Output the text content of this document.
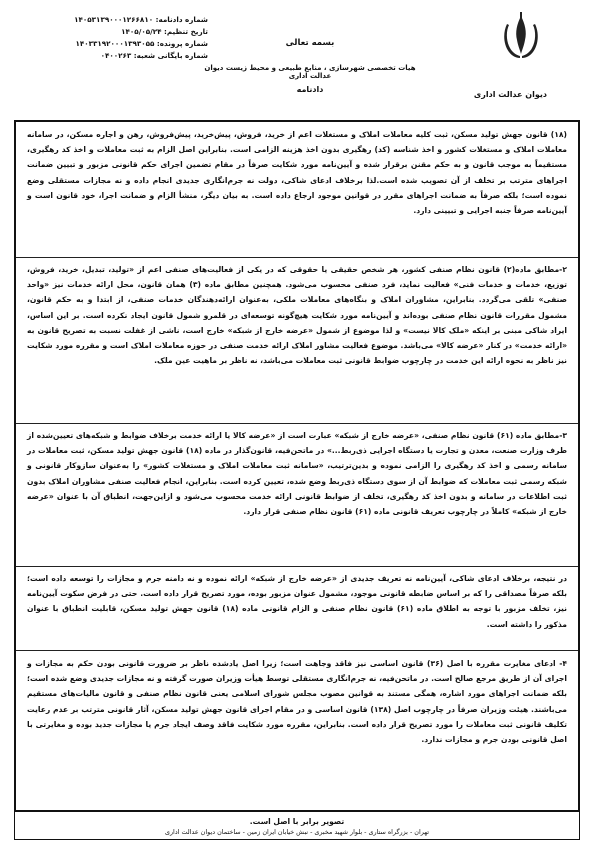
شماره دادنامه: ۱۴۰۵۳۱۳۹۰۰۰۱۲۶۶۸۱۰
تاریخ تنظیم: ۱۴۰۵/۰۵/۲۴
شماره پرونده: ۱۴۰۳۳۱۹۲۰۰۰۱۳۹۳۰۵۵
شماره بایگانی شعبه: ۰۴۰۰۲۶۳
بسمه تعالی
هیات تخصصی شهرسازی ، منابع طبیعی و محیط زیست دیوان عدالت اداری
دادنامه
دیوان عدالت اداری
(۱۸) قانون جهش تولید مسکن، ثبت کلیه معاملات املاک و مستغلات اعم از خرید، فروش، پیش‌خرید، پیش‌فروش، رهن و اجاره مسکن، در سامانه معاملات املاک و مستغلات کشور و اخذ شناسه (کد) رهگیری بدون اخذ هزینه الزامی است. بنابراین اصل الزام به ثبت معاملات و اخذ کد رهگیری، مستقیماً به موجب قانون و به حکم مقنن برقرار شده و آیین‌نامه مورد شکایت صرفاً در مقام تضمین اجرای حکم قانونی مزبور و تبیین ضمانت اجراهای مترتب بر تخلف از آن تصویب شده است.لذا برخلاف ادعای شاکی، دولت نه جرم‌انگاری جدیدی انجام داده و نه مجازات مستقلی وضع نموده است؛ بلکه صرفاً به ضمانت اجراهای مقرر در قوانین موجود ارجاع داده است. به بیان دیگر، منشأ الزام و ضمانت اجرا، خود قانون است و آیین‌نامه صرفاً جنبه اجرایی و تبیینی دارد.
۲-مطابق ماده(۲) قانون نظام صنفی کشور، هر شخص حقیقی یا حقوقی که در یکی از فعالیت‌های صنفی اعم از «تولید، تبدیل، خرید، فروش، توزیع، خدمات و خدمات فنی» فعالیت نماید، فرد صنفی محسوب می‌شود. همچنین مطابق ماده (۳) همان قانون، محل ارائه خدمات نیز «واحد صنفی» تلقی می‌گردد. بنابراین، مشاوران املاک و بنگاه‌های معاملات ملکی، به‌عنوان ارائه‌دهندگان خدمات صنفی، از ابتدا و به حکم قانون، مشمول مقررات قانون نظام صنفی بوده‌اند و آیین‌نامه مورد شکایت هیچ‌گونه توسعه‌ای در قلمرو شمول قانون ایجاد نکرده است. بر این اساس، ایراد شاکی مبنی بر اینکه «ملک کالا نیست» و لذا موضوع از شمول «عرضه خارج از شبکه» خارج است، ناشی از غفلت نسبت به تصریح قانون به «ارائه خدمت» در کنار «عرضه کالا» می‌باشد. موضوع فعالیت مشاور املاک ارائه خدمت صنفی در حوزه معاملات املاک است و مقرره مورد شکایت نیز ناظر به نحوه ارائه این خدمت در چارچوب ضوابط قانونی ثبت معاملات می‌باشد، نه ناظر بر ماهیت عین ملک.
۳-مطابق ماده (۶۱) قانون نظام صنفی، «عرضه خارج از شبکه» عبارت است از «عرضه کالا یا ارائه خدمت برخلاف ضوابط و شبکه‌های تعیین‌شده از طرف وزارت صنعت، معدن و تجارت یا دستگاه اجرایی ذی‌ربط...» در ماتحن‌فیه، قانون‌گذار در ماده (۱۸) قانون جهش تولید مسکن، ثبت معاملات در سامانه رسمی و اخذ کد رهگیری را الزامی نموده و بدین‌ترتیب، «سامانه ثبت معاملات املاک و مستغلات کشور» را به‌عنوان سازوکار قانونی و شبکه رسمی ثبت معاملات که ضوابط آن از سوی دستگاه ذی‌ربط وضع شده، تعیین کرده است. بنابراین، انجام فعالیت صنفی مشاوران املاک بدون ثبت اطلاعات در سامانه و بدون اخذ کد رهگیری، تخلف از ضوابط قانونی ارائه خدمت محسوب می‌شود و ازاین‌جهت، انطباق آن با عنوان «عرضه خارج از شبکه» کاملاً در چارچوب تعریف قانونی ماده (۶۱) قانون نظام صنفی قرار دارد.
در نتیجه، برخلاف ادعای شاکی، آیین‌نامه نه تعریف جدیدی از «عرضه خارج از شبکه» ارائه نموده و نه دامنه جرم و مجازات را توسعه داده است؛ بلکه صرفاً مصداقی را که بر اساس ضابطه قانونی موجود، مشمول عنوان مزبور بوده، مورد تصریح قرار داده است. حتی در فرض سکوت آیین‌نامه نیز، تخلف مزبور با توجه به اطلاق ماده (۶۱) قانون نظام صنفی و الزام قانونی ماده (۱۸) قانون جهش تولید مسکن، قابلیت انطباق با عنوان مذکور را داشته است.
۴- ادعای مغایرت مقرره با اصل (۳۶) قانون اساسی نیز فاقد وجاهت است؛ زیرا اصل یادشده ناظر بر ضرورت قانونی بودن حکم به مجازات و اجرای آن از طریق مرجع صالح است. در ماتحن‌فیه، نه جرم‌انگاری مستقلی توسط هیأت وزیران صورت گرفته و نه مجازات جدیدی وضع شده است؛ بلکه ضمانت اجراهای مورد اشاره، همگی مستند به قوانین مصوب مجلس شورای اسلامی یعنی قانون نظام صنفی و قانون مالیات‌های مستقیم می‌باشند. هیئت وزیران صرفاً در چارچوب اصل (۱۳۸) قانون اساسی و در مقام اجرای قانون جهش تولید مسکن، آثار قانونی مترتب بر عدم رعایت تکلیف قانونی ثبت معاملات را مورد تصریح قرار داده است. بنابراین، مقرره مورد شکایت فاقد وصف ایجاد جرم یا مجازات جدید بوده و مغایرتی با اصل قانونی بودن جرم و مجازات ندارد.
تصویر برابر با اصل است.
تهران - بزرگراه ستاری - بلوار شهید مخبری - نبش خیابان ایران زمین - ساختمان دیوان عدالت اداری
